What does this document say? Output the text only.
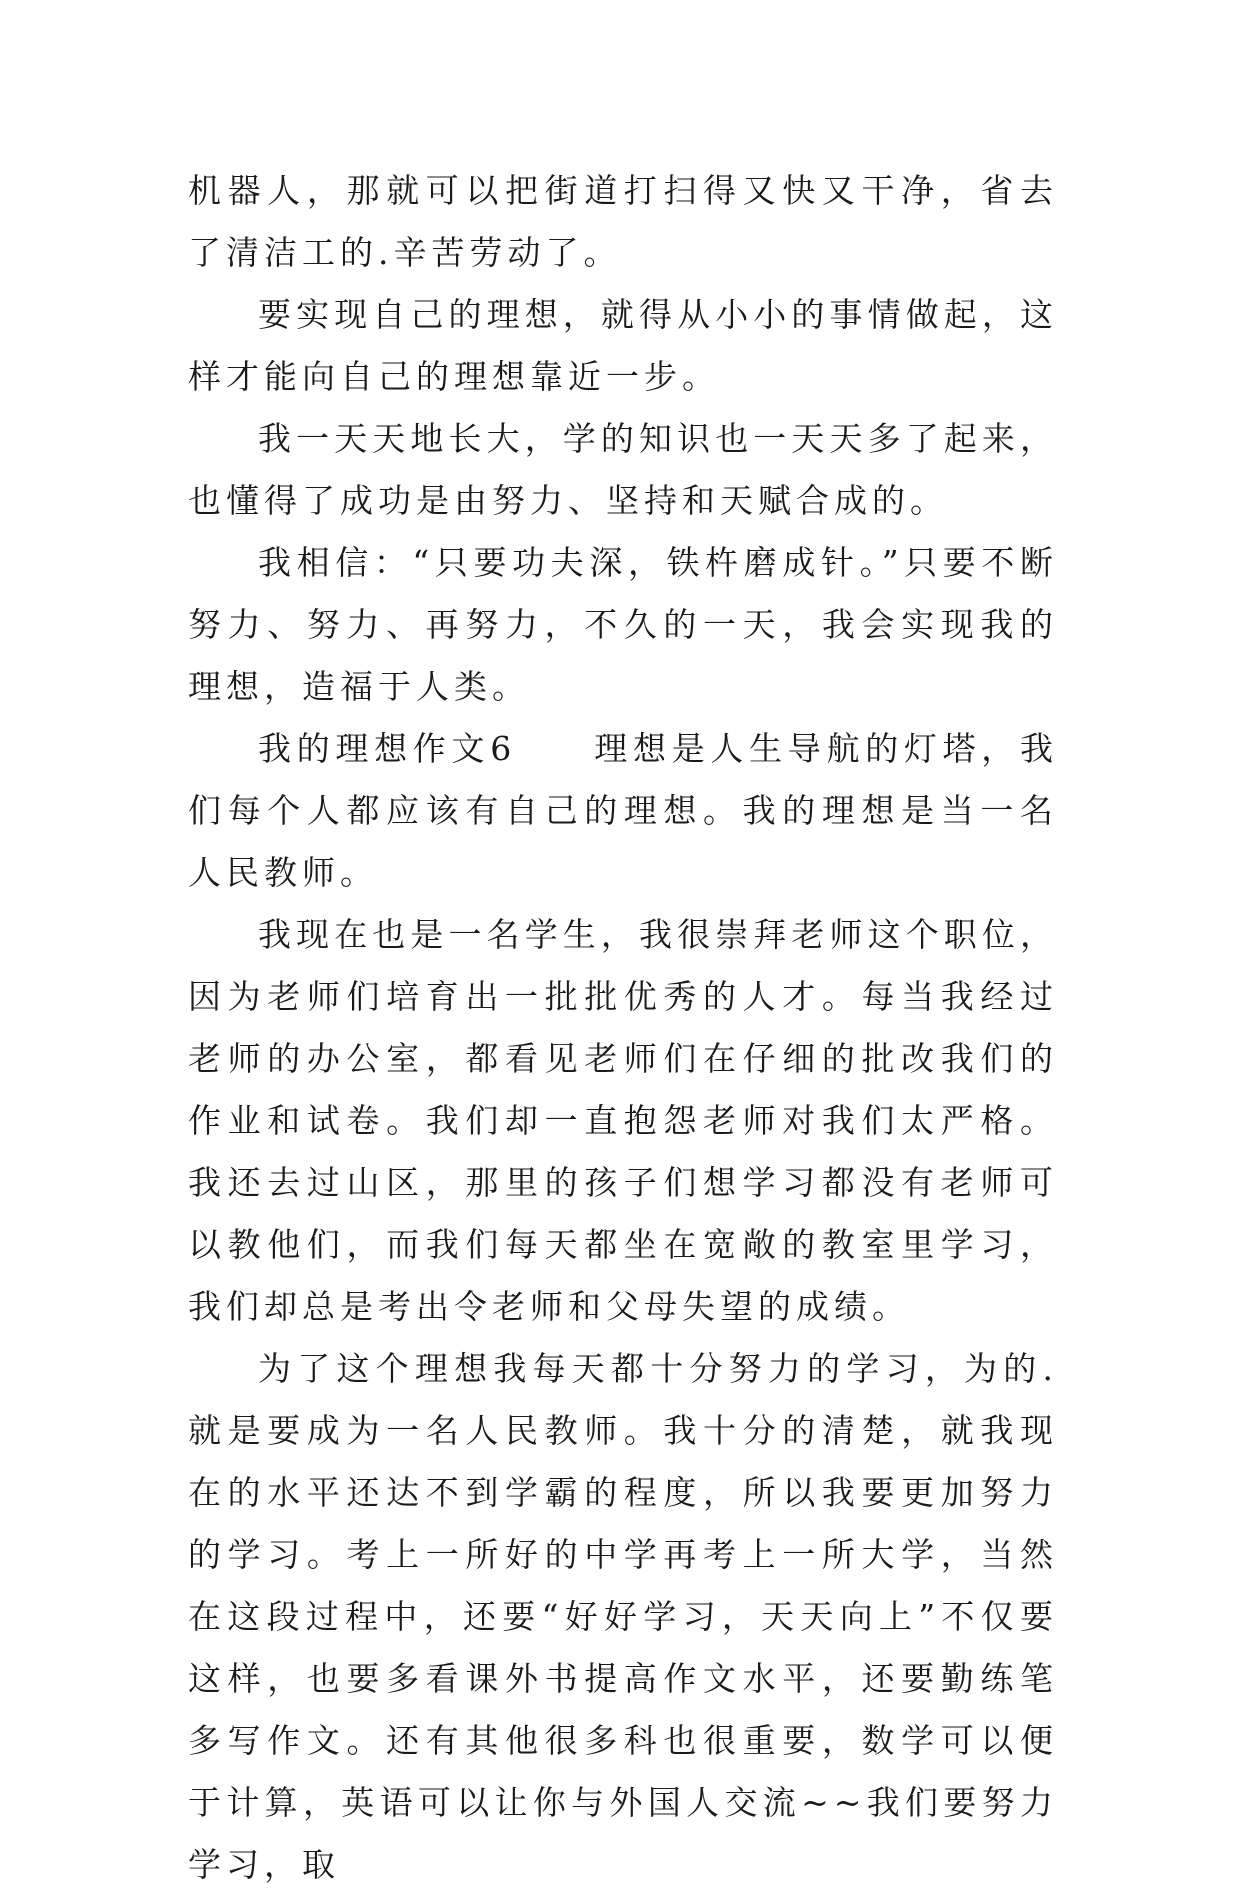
机器人，那就可以把街道打扫得又快又干净，省去了清洁工的.辛苦劳动了。

要实现自己的理想，就得从小小的事情做起，这样才能向自己的理想靠近一步。

我一天天地长大，学的知识也一天天多了起来，也懂得了成功是由努力、坚持和天赋合成的。

我相信：“只要功夫深，铁杵磨成针。”只要不断努力、努力、再努力，不久的一天，我会实现我的理想，造福于人类。

我的理想作文6　　理想是人生导航的灯塔，我们每个人都应该有自己的理想。我的理想是当一名人民教师。

我现在也是一名学生，我很崇拜老师这个职位，因为老师们培育出一批批优秀的人才。每当我经过老师的办公室，都看见老师们在仔细的批改我们的作业和试卷。我们却一直抱怨老师对我们太严格。我还去过山区，那里的孩子们想学习都没有老师可以教他们，而我们每天都坐在宽敞的教室里学习，我们却总是考出令老师和父母失望的成绩。

为了这个理想我每天都十分努力的学习，为的.就是要成为一名人民教师。我十分的清楚，就我现在的水平还达不到学霸的程度，所以我要更加努力的学习。考上一所好的中学再考上一所大学，当然在这段过程中，还要“好好学习，天天向上”不仅要这样，也要多看课外书提高作文水平，还要勤练笔多写作文。还有其他很多科也很重要，数学可以便于计算，英语可以让你与外国人交流~~我们要努力学习，取
